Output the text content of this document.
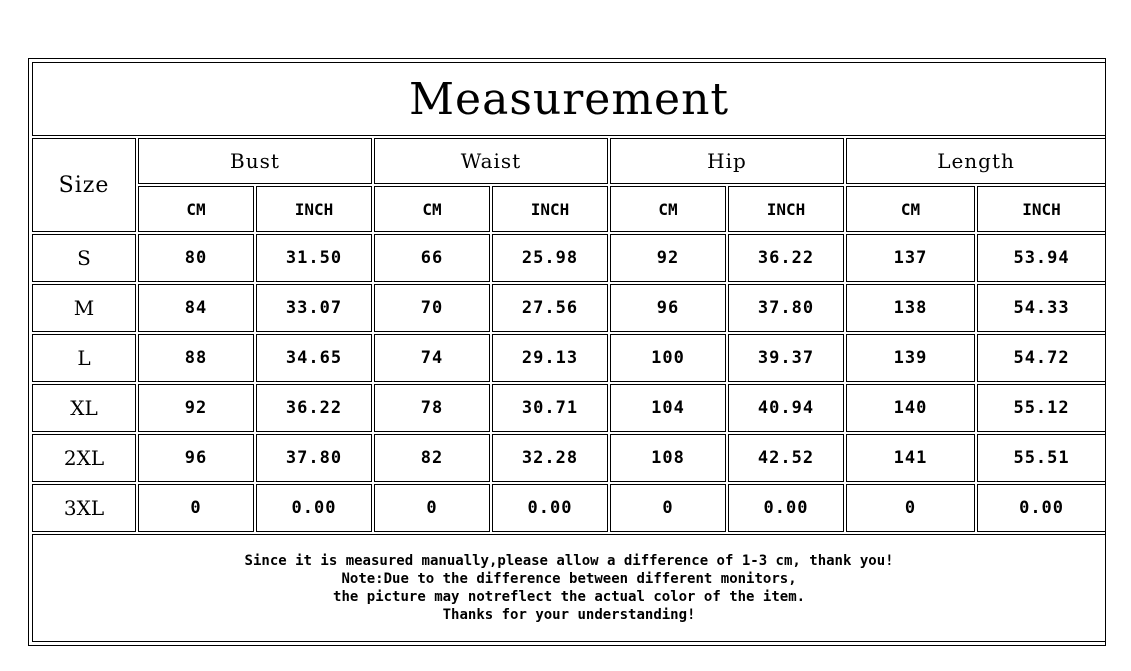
Measurement								
Size	Bust		Waist		Hip		Length	
	CM	INCH	CM	INCH	CM	INCH	CM	INCH
S	80	31.50	66	25.98	92	36.22	137	53.94
M	84	33.07	70	27.56	96	37.80	138	54.33
L	88	34.65	74	29.13	100	39.37	139	54.72
XL	92	36.22	78	30.71	104	40.94	140	55.12
2XL	96	37.80	82	32.28	108	42.52	141	55.51
3XL	0	0.00	0	0.00	0	0.00	0	0.00

Since it is measured manually,please allow a difference of 1-3 cm, thank you!
Note:Due to the difference between different monitors,
the picture may notreflect the actual color of the item.
Thanks for your understanding!								
